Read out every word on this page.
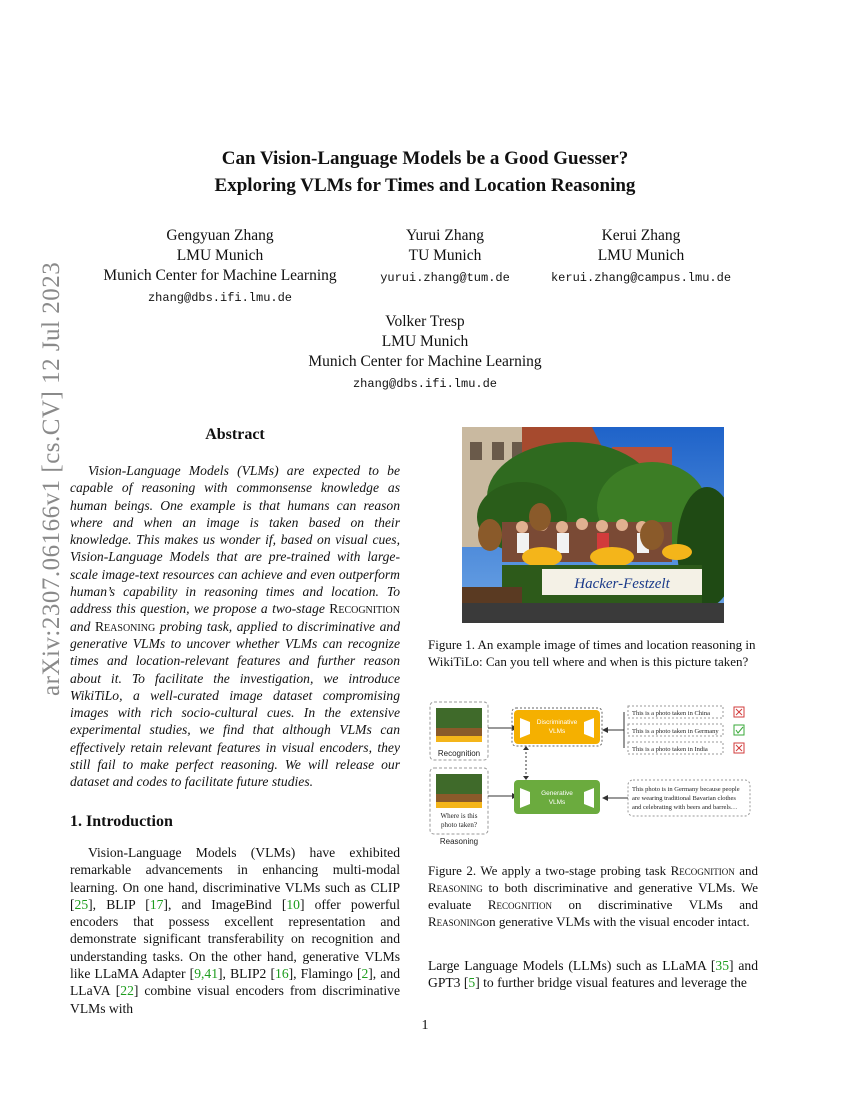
arXiv:2307.06166v1 [cs.CV] 12 Jul 2023
Can Vision-Language Models be a Good Guesser?
Exploring VLMs for Times and Location Reasoning
Gengyuan Zhang
LMU Munich
Munich Center for Machine Learning
zhang@dbs.ifi.lmu.de
Yurui Zhang
TU Munich
yurui.zhang@tum.de
Kerui Zhang
LMU Munich
kerui.zhang@campus.lmu.de
Volker Tresp
LMU Munich
Munich Center for Machine Learning
zhang@dbs.ifi.lmu.de
Abstract
Vision-Language Models (VLMs) are expected to be capable of reasoning with commonsense knowledge as human beings. One example is that humans can reason where and when an image is taken based on their knowledge. This makes us wonder if, based on visual cues, Vision-Language Models that are pre-trained with large-scale image-text resources can achieve and even outperform human’s capability in reasoning times and location. To address this question, we propose a two-stage Recognition and Reasoning probing task, applied to discriminative and generative VLMs to uncover whether VLMs can recognize times and location-relevant features and further reason about it. To facilitate the investigation, we introduce WikiTiLo, a well-curated image dataset compromising images with rich socio-cultural cues. In the extensive experimental studies, we find that although VLMs can effectively retain relevant features in visual encoders, they still fail to make perfect reasoning. We will release our dataset and codes to facilitate future studies.
1. Introduction
Vision-Language Models (VLMs) have exhibited remarkable advancements in enhancing multi-modal learning. On one hand, discriminative VLMs such as CLIP [25], BLIP [17], and ImageBind [10] offer powerful encoders that possess excellent representation and demonstrate significant transferability on recognition and understanding tasks. On the other hand, generative VLMs like LLaMA Adapter [9,41], BLIP2 [16], Flamingo [2], and LLaVA [22] combine visual encoders from discriminative VLMs with
Hacker-Festzelt
Figure 1. An example image of times and location reasoning in WikiTiLo: Can you tell where and when is this picture taken?
Recognition
Where is this
photo taken?
Reasoning
Discriminative
VLMs
Generative
VLMs
This is a photo taken in China
This is a photo taken in Germany
This is a photo taken in India
This photo is in Germany because people
are wearing traditional Bavarian clothes
and celebrating with beers and barrels…
Figure 2. We apply a two-stage probing task Recognition and Reasoning to both discriminative and generative VLMs. We evaluate Recognition on discriminative VLMs and Reasoningon generative VLMs with the visual encoder intact.
Large Language Models (LLMs) such as LLaMA [35] and GPT3 [5] to further bridge visual features and leverage the
1
